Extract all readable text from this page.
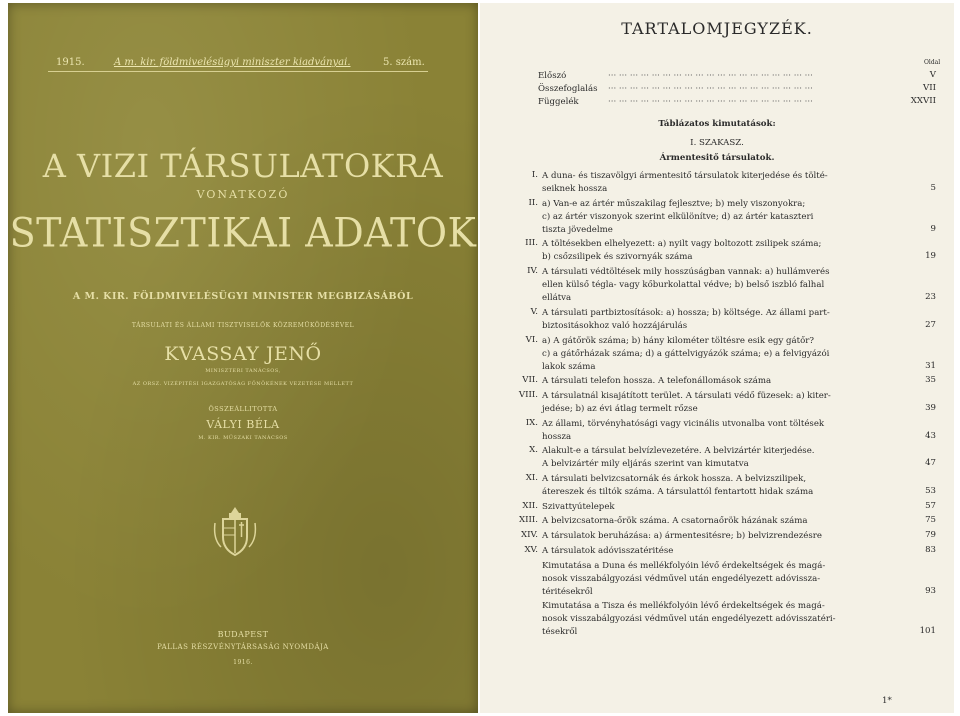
1915.	A m. kir. földmivelésügyi miniszter kiadványai.	5. szám.
A VIZI TÁRSULATOKRA
VONATKOZÓ
STATISZTIKAI ADATOK
A M. KIR. FÖLDMIVELÉSÜGYI MINISTER MEGBIZÁSÁBÓL
TÁRSULATI ÉS ÁLLAMI TISZTVISELŐK KÖZREMŰKÖDÉSÉVEL
KVASSAY JENŐ
MINISZTERI TANÁCSOS,
AZ ORSZ. VIZÉPITÉSI IGAZGATÓSÁG FŐNÖKÉNEK VEZETÉSE MELLETT
ÖSSZEÁLLITOTTA
VÁLYI BÉLA
M. KIR. MŰSZAKI TANÁCSOS
BUDAPEST
PALLAS RÉSZVÉNYTÁRSASÁG NYOMDÁJA
1916.
TARTALOMJEGYZÉK.
Oldal
Előszó	V
··· ··· ··· ··· ··· ··· ··· ··· ··· ··· ··· ··· ··· ··· ··· ··· ··· ··· ···
Összefoglalás	VII
··· ··· ··· ··· ··· ··· ··· ··· ··· ··· ··· ··· ··· ··· ··· ··· ··· ··· ···
Függelék	XXVII
··· ··· ··· ··· ··· ··· ··· ··· ··· ··· ··· ··· ··· ··· ··· ··· ··· ··· ···
Táblázatos kimutatások:
I. SZAKASZ.
Ármentesitő társulatok.
I. A duna- és tiszavölgyi ármentesitő társulatok kiterjedése és tölté-
seiknek hossza	5
II. a) Van-e az ártér műszakilag fejlesztve; b) mely viszonyokra;
c) az ártér viszonyok szerint elkülönítve; d) az ártér kataszteri
tiszta jövedelme	9
III. A töltésekben elhelyezett: a) nyilt vagy boltozott zsilipek száma;
b) csőzsilipek és szivornyák száma	19
IV. A társulati védtöltések mily hosszúságban vannak: a) hullámverés
ellen külső tégla- vagy kőburkolattal védve; b) belső iszbló falhal
ellátva	23
V. A társulati partbiztosítások: a) hossza; b) költsége. Az állami part-
biztositásokhoz való hozzájárulás	27
VI. a) A gátőrök száma; b) hány kilométer töltésre esik egy gátőr?
c) a gátőrházak száma; d) a gáttelvigyázók száma; e) a felvigyázói
lakok száma	31
VII. A társulati telefon hossza. A telefonállomások száma	35
VIII. A társulatnál kisajátított terület. A társulati védő füzesek: a) kiter-
jedése; b) az évi átlag termelt rőzse	39
IX. Az állami, törvényhatósági vagy vicinális utvonalba vont töltések
hossza	43
X. Alakult-e a társulat belvízlevezetére. A belvizártér kiterjedése.
A belvizártér mily eljárás szerint van kimutatva	47
XI. A társulati belvizcsatornák és árkok hossza. A belvizszilipek,
átereszek és tiltók száma. A társulattól fentartott hidak száma	53
XII. Szivattyútelepek	57
XIII. A belvizcsatorna-őrök száma. A csatornaőrök házának száma	75
XIV. A társulatok beruházása: a) ármentesitésre; b) belvizrendezésre	79
XV. A társulatok adóvisszatéritése	83
Kimutatása a Duna és mellékfolyóin lévő érdekeltségek és magá-
nosok visszabálgyozási védművel után engedélyezett adóvissza-
téritésekről	93
Kimutatása a Tisza és mellékfolyóin lévő érdekeltségek és magá-
nosok visszabálgyozási védművel után engedélyezett adóvisszatéri-
tésekről	101
1*
